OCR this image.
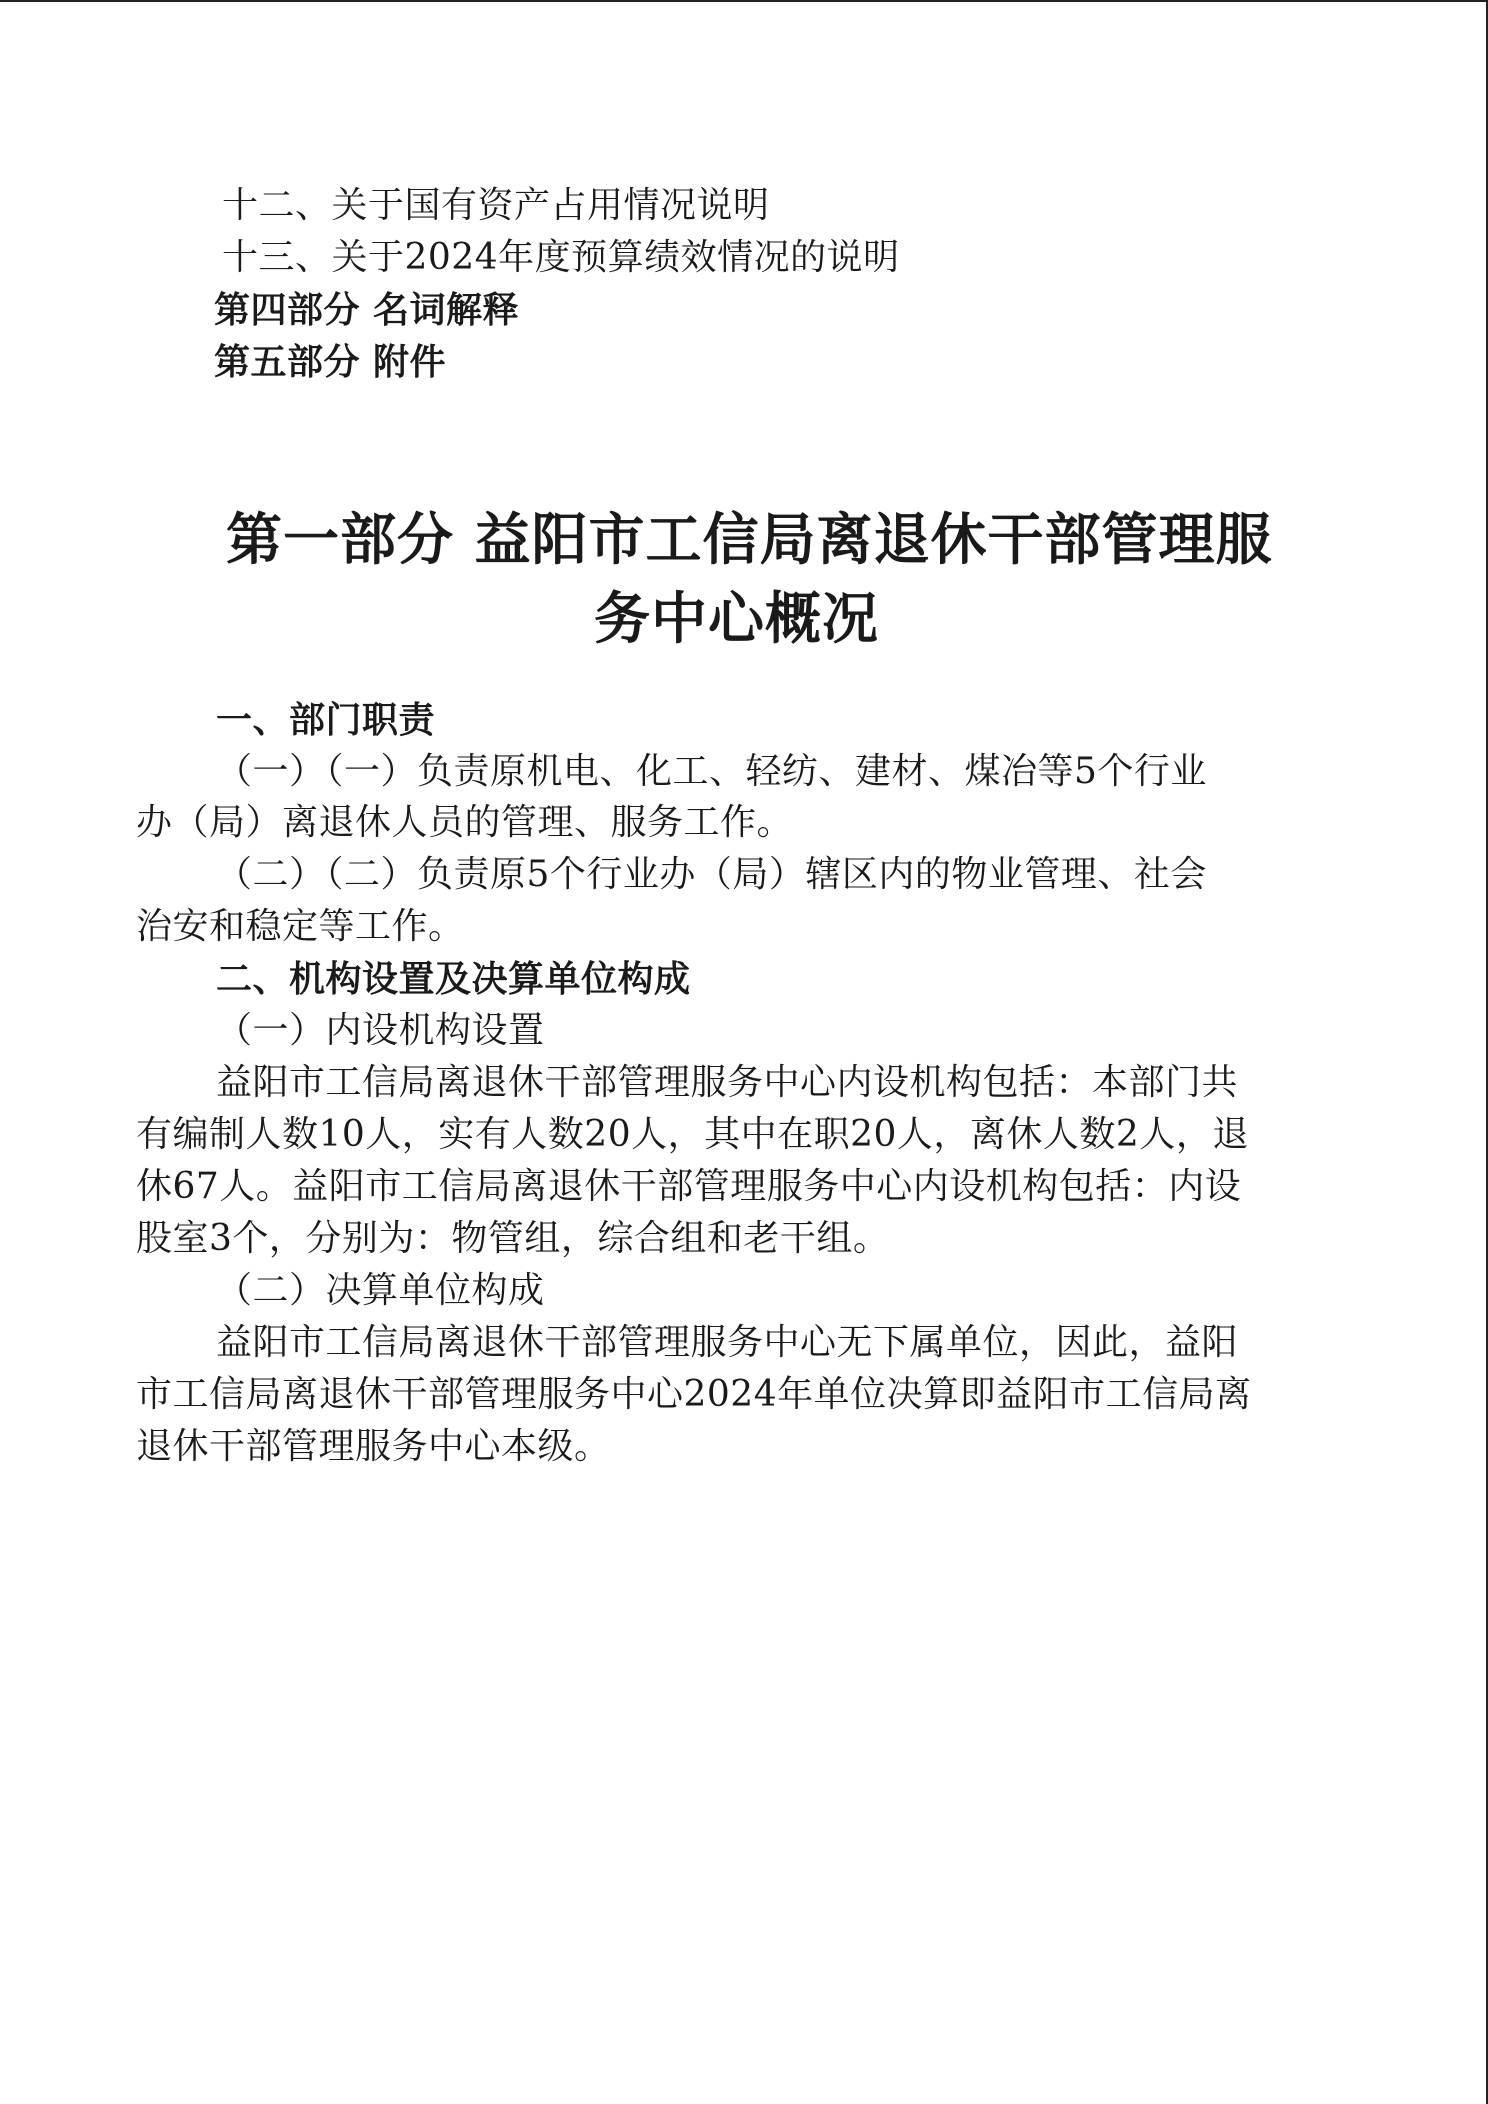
十二、关于国有资产占用情况说明
十三、关于2024年度预算绩效情况的说明
第四部分 名词解释
第五部分 附件
第一部分 益阳市工信局离退休干部管理服
务中心概况
一、部门职责
（一）（一）负责原机电、化工、轻纺、建材、煤冶等5个行业
办（局）离退休人员的管理、服务工作。
（二）（二）负责原5个行业办（局）辖区内的物业管理、社会
治安和稳定等工作。
二、机构设置及决算单位构成
（一）内设机构设置
益阳市工信局离退休干部管理服务中心内设机构包括：本部门共
有编制人数10人，实有人数20人，其中在职20人，离休人数2人，退
休67人。益阳市工信局离退休干部管理服务中心内设机构包括：内设
股室3个，分别为：物管组，综合组和老干组。
（二）决算单位构成
益阳市工信局离退休干部管理服务中心无下属单位，因此，益阳
市工信局离退休干部管理服务中心2024年单位决算即益阳市工信局离
退休干部管理服务中心本级。
